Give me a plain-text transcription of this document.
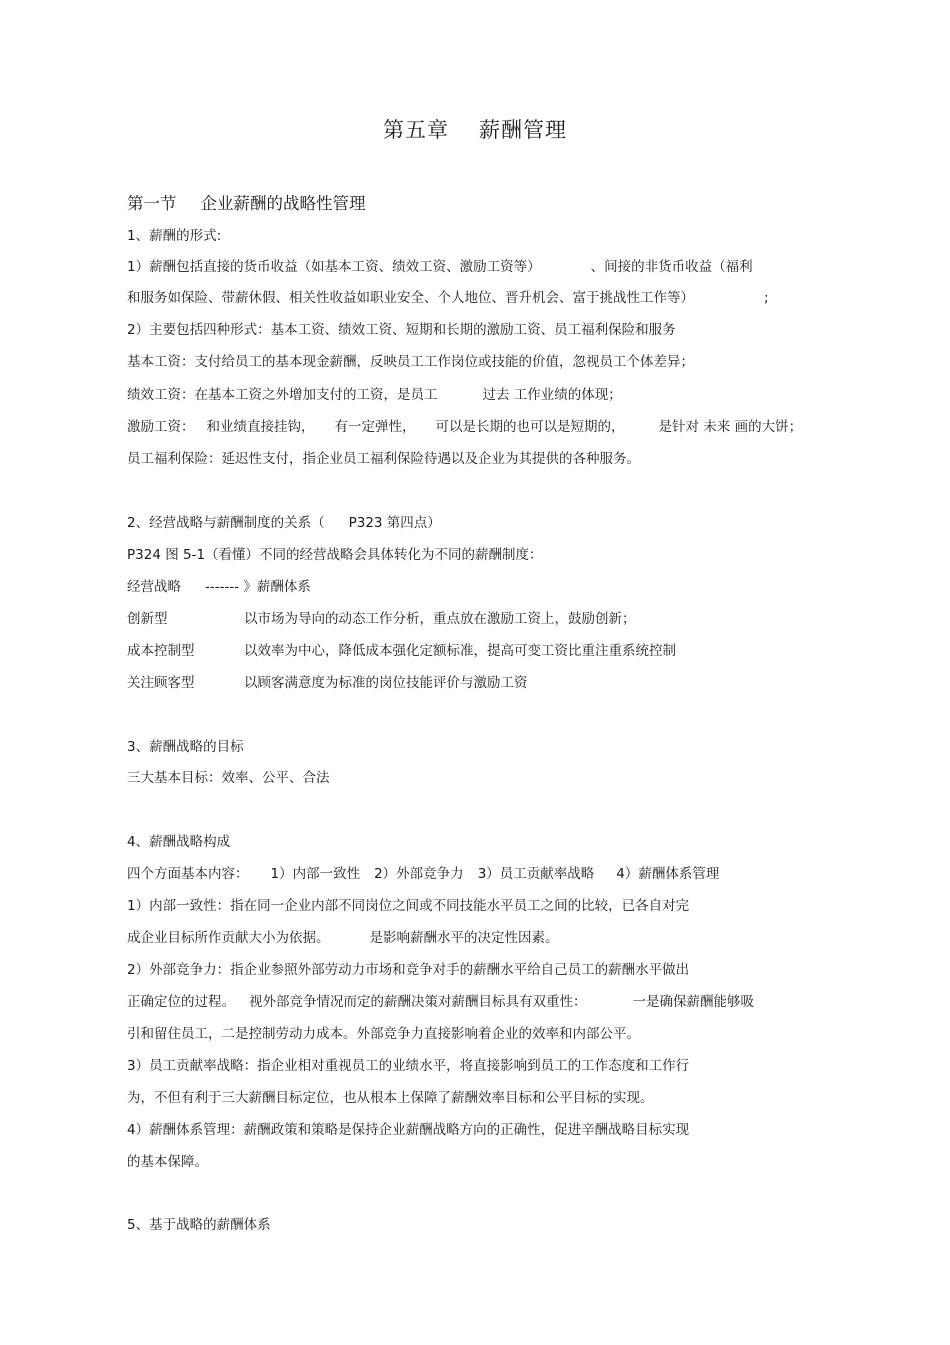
第五章 薪酬管理
第一节 企业薪酬的战略性管理
1、薪酬的形式:
1）薪酬包括直接的货币收益（如基本工资、绩效工资、激励工资等）	、间接的非货币收益（福利
和服务如保险、带薪休假、相关性收益如职业安全、个人地位、晋升机会、富于挑战性工作等）	;
2）主要包括四种形式：基本工资、绩效工资、短期和长期的激励工资、员工福利保险和服务
基本工资：支付给员工的基本现金薪酬，反映员工工作岗位或技能的价值，忽视员工个体差异；
绩效工资：在基本工资之外增加支付的工资，是员工	过去 工作业绩的体现；
激励工资： 和业绩直接挂钩， 有一定弹性， 可以是长期的也可以是短期的，	是针对 未来 画的大饼；
员工福利保险：延迟性支付，指企业员工福利保险待遇以及企业为其提供的各种服务。
2、经营战略与薪酬制度的关系（ P323 第四点）
P324 图 5-1（看懂）不同的经营战略会具体转化为不同的薪酬制度：
经营战略 ------- 》薪酬体系
创新型	以市场为导向的动态工作分析，重点放在激励工资上，鼓励创新；
成本控制型	以效率为中心，降低成本强化定额标准，提高可变工资比重注重系统控制
关注顾客型	以顾客满意度为标准的岗位技能评价与激励工资
3、薪酬战略的目标
三大基本目标：效率、公平、合法
4、薪酬战略构成
四个方面基本内容： 1）内部一致性 2）外部竞争力 3）员工贡献率战略 4）薪酬体系管理
1）内部一致性：指在同一企业内部不同岗位之间或不同技能水平员工之间的比较，已各自对完
成企业目标所作贡献大小为依据。	是影响薪酬水平的决定性因素。
2）外部竞争力：指企业参照外部劳动力市场和竞争对手的薪酬水平给自己员工的薪酬水平做出
正确定位的过程。 视外部竞争情况而定的薪酬决策对薪酬目标具有双重性：	一是确保薪酬能够吸
引和留住员工，二是控制劳动力成本。外部竞争力直接影响着企业的效率和内部公平。
3）员工贡献率战略：指企业相对重视员工的业绩水平，将直接影响到员工的工作态度和工作行
为，不但有利于三大薪酬目标定位，也从根本上保障了薪酬效率目标和公平目标的实现。
4）薪酬体系管理：薪酬政策和策略是保持企业薪酬战略方向的正确性，促进辛酬战略目标实现
的基本保障。
5、基于战略的薪酬体系
